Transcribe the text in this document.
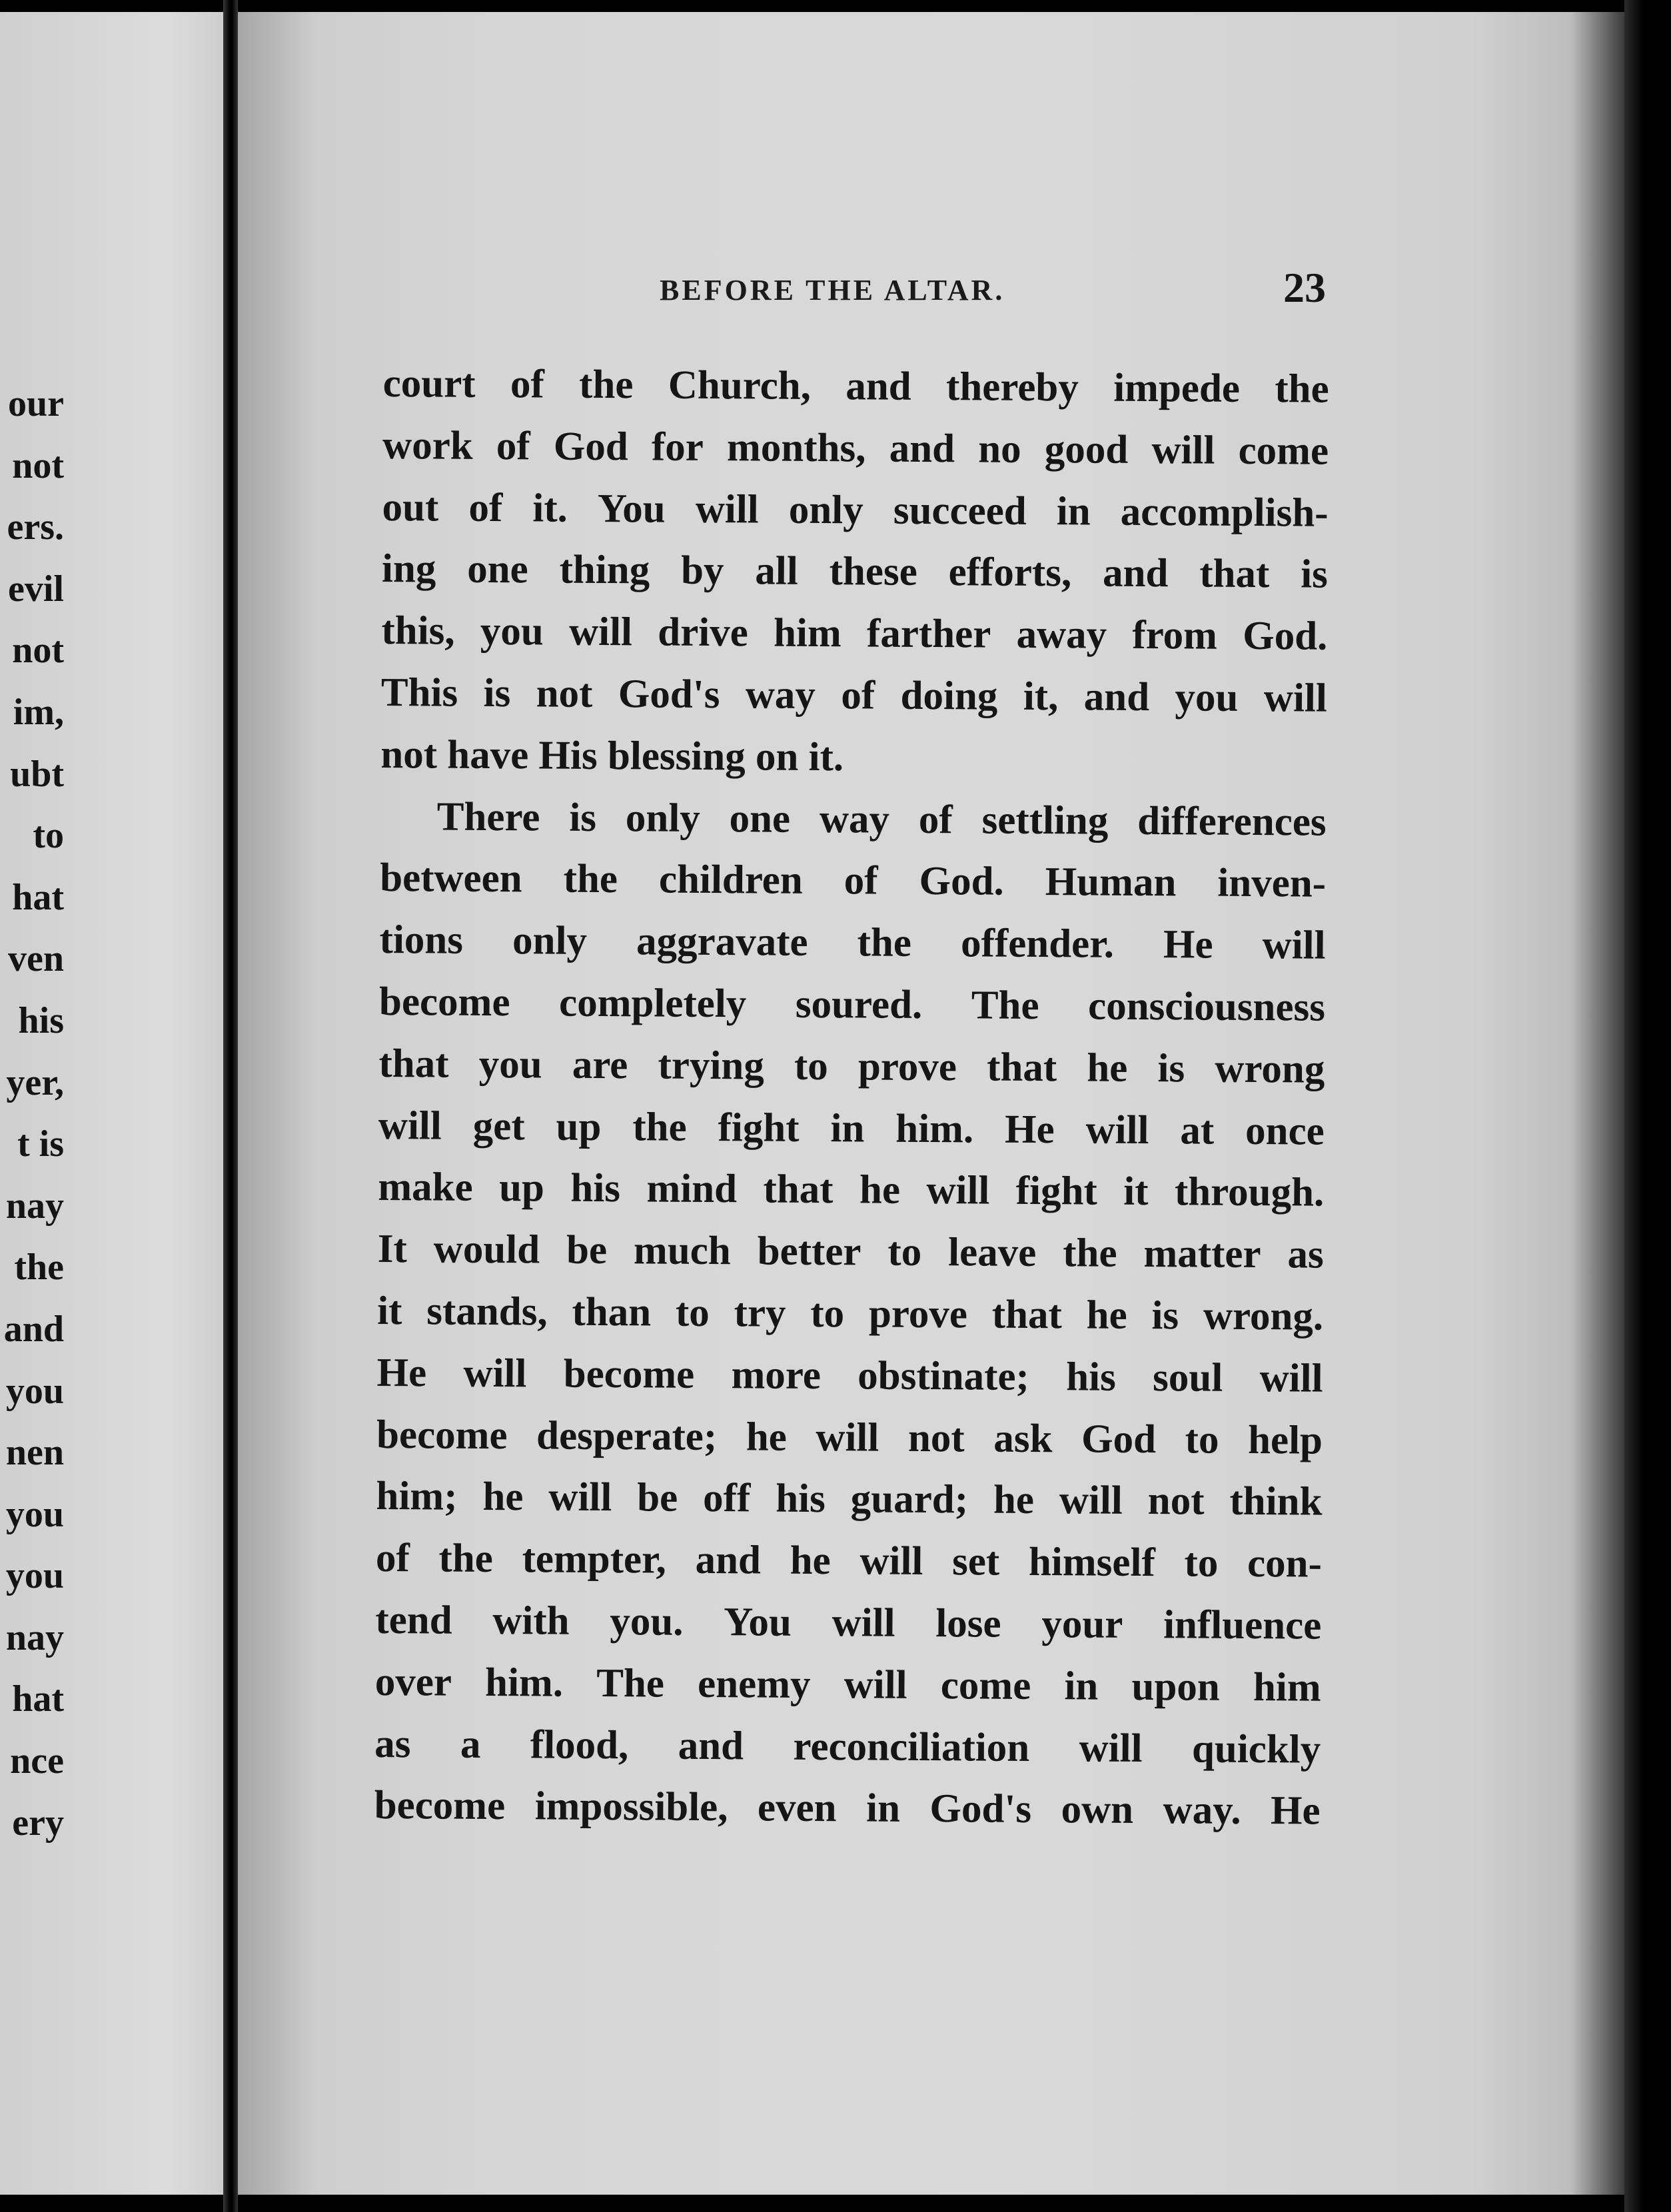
our
not
ers.
evil
not
im,
ubt
to
hat
ven
his
yer,
t is
nay
the
and
you
nen
you
you
nay
hat
nce
ery
BEFORE THE ALTAR.	23
court of the Church, and thereby impede the
work of God for months, and no good will come
out of it. You will only succeed in accomplish-
ing one thing by all these efforts, and that is
this, you will drive him farther away from God.
This is not God's way of doing it, and you will
not have His blessing on it.
There is only one way of settling differences
between the children of God. Human inven-
tions only aggravate the offender. He will
become completely soured. The consciousness
that you are trying to prove that he is wrong
will get up the fight in him. He will at once
make up his mind that he will fight it through.
It would be much better to leave the matter as
it stands, than to try to prove that he is wrong.
He will become more obstinate; his soul will
become desperate; he will not ask God to help
him; he will be off his guard; he will not think
of the tempter, and he will set himself to con-
tend with you. You will lose your influence
over him. The enemy will come in upon him
as a flood, and reconciliation will quickly
become impossible, even in God's own way. He
